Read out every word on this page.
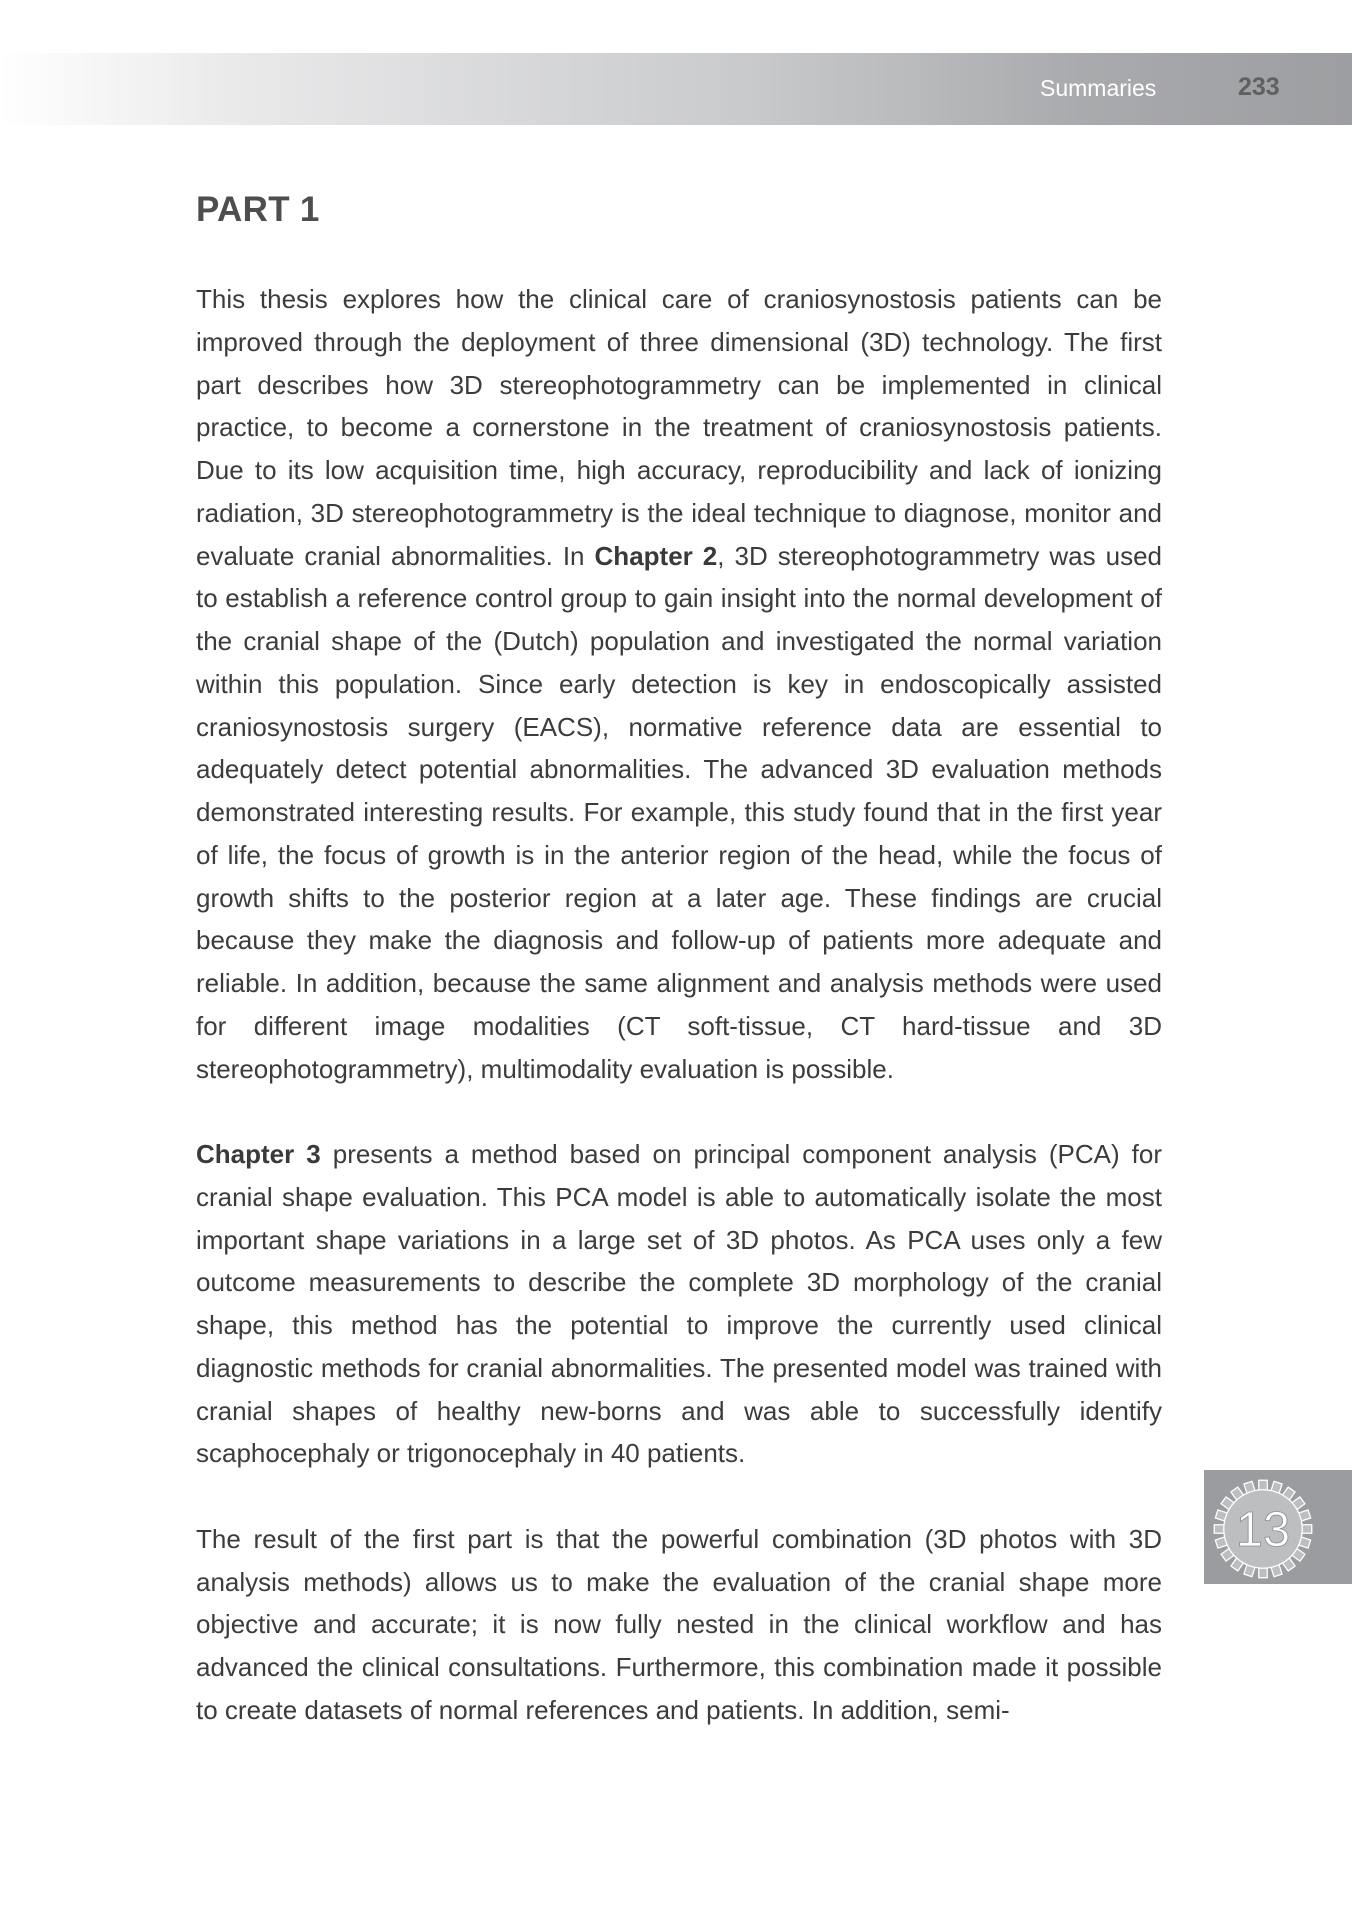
Summaries	233
PART 1

This thesis explores how the clinical care of craniosynostosis patients can be improved through the deployment of three dimensional (3D) technology. The first part describes how 3D stereophotogrammetry can be implemented in clinical practice, to become a cornerstone in the treatment of craniosynostosis patients. Due to its low acquisition time, high accuracy, reproducibility and lack of ionizing radiation, 3D stereophotogrammetry is the ideal technique to diagnose, monitor and evaluate cranial abnormalities. In Chapter 2, 3D stereophotogrammetry was used to establish a reference control group to gain insight into the normal development of the cranial shape of the (Dutch) population and investigated the normal variation within this population. Since early detection is key in endoscopically assisted craniosynostosis surgery (EACS), normative reference data are essential to adequately detect potential abnormalities. The advanced 3D evaluation methods demonstrated interesting results. For example, this study found that in the first year of life, the focus of growth is in the anterior region of the head, while the focus of growth shifts to the posterior region at a later age. These findings are crucial because they make the diagnosis and follow-up of patients more adequate and reliable. In addition, because the same alignment and analysis methods were used for different image modalities (CT soft-tissue, CT hard-tissue and 3D stereophotogrammetry), multimodality evaluation is possible.

Chapter 3 presents a method based on principal component analysis (PCA) for cranial shape evaluation. This PCA model is able to automatically isolate the most important shape variations in a large set of 3D photos. As PCA uses only a few outcome measurements to describe the complete 3D morphology of the cranial shape, this method has the potential to improve the currently used clinical diagnostic methods for cranial abnormalities. The presented model was trained with cranial shapes of healthy new-borns and was able to successfully identify scaphocephaly or trigonocephaly in 40 patients.

The result of the first part is that the powerful combination (3D photos with 3D analysis methods) allows us to make the evaluation of the cranial shape more objective and accurate; it is now fully nested in the clinical workflow and has advanced the clinical consultations. Furthermore, this combination made it possible to create datasets of normal references and patients. In addition, semi-

13
